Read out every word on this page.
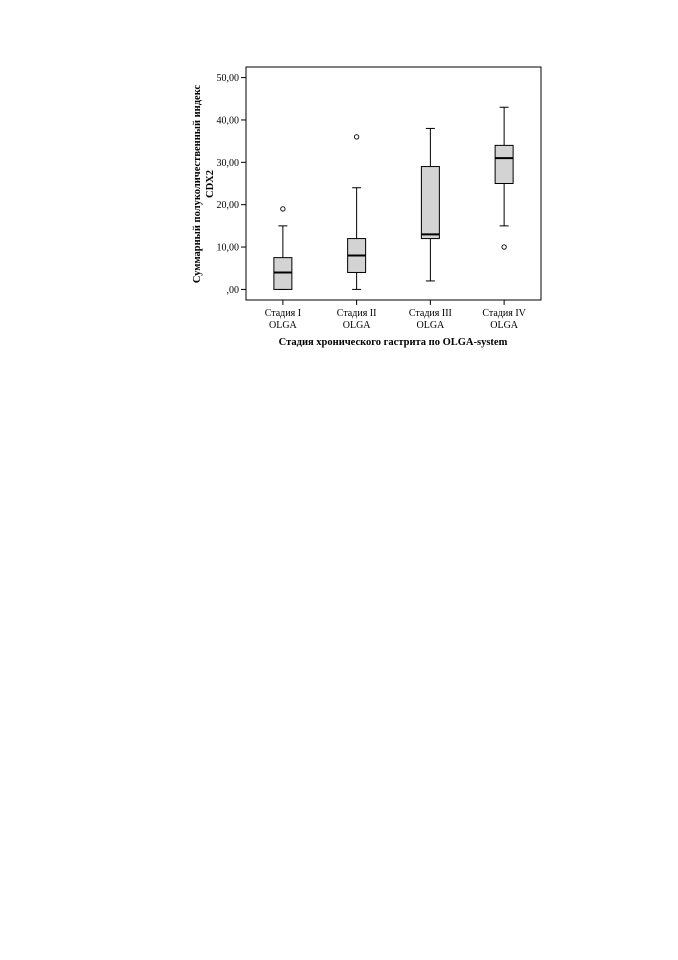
,00
10,00
20,00
30,00
40,00
50,00
Стадия I
OLGA
Стадия II
OLGA
Стадия III
OLGA
Стадия IV
OLGA
Стадия хронического гастрита по OLGA-system
Суммарный полуколичественный индекс CDX2
